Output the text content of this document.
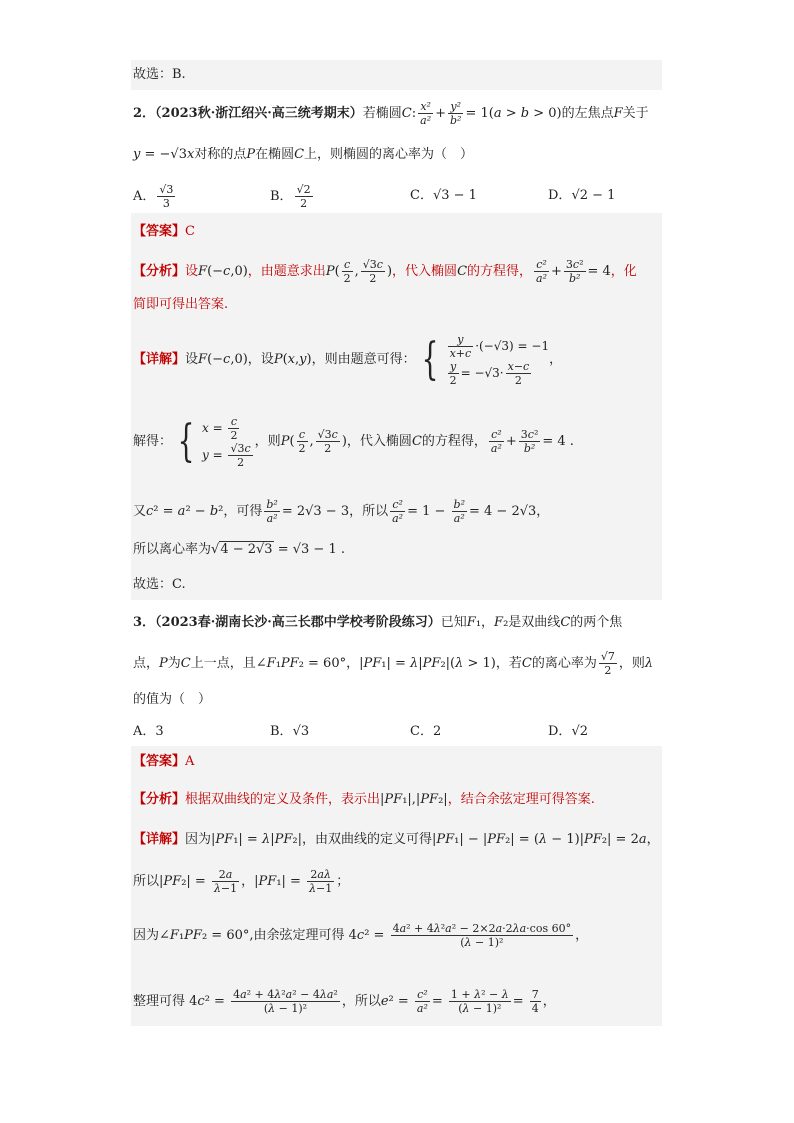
故选：B.
2．（2023秋·浙江绍兴·高三统考期末）若椭圆C: $\frac{\text{x²}}{\text{a²}} + \frac{\text{y²}}{\text{b²}} = 1(a > b > 0)$的左焦点F关于
y = −√3x对称的点P在椭圆C上，则椭圆的离心率为（　）
A． $\frac{√3}{3}$	B． $\frac{√2}{2}$	C．√3 − 1	D．√2 − 1
【答案】C
【分析】设F(−c,0)，由题意求出$P( \frac{c}{2}$ , $\frac{√3c}{2}$ )，代入椭圆C的方程得， $\frac{\text{c²}}{\text{a²}} + \frac{\text{3c²}}{\text{b²}} = 4$，化
简即可得出答案.
【详解】设F(−c,0)，设P(x,y)，则由题意可得： { $\frac{y}{x+c} \cdot(-√3) = -1$
$\frac{y}{2} = -√3\cdot \frac{x-c}{2}$ ，
解得： { $x = \frac{c}{2}$
$y = \frac{√3c}{2}$ ，则$P( \frac{c}{2}$ , $\frac{√3c}{2}$ )，代入椭圆C的方程得， $\frac{\text{c²}}{\text{a²}} + \frac{\text{3c²}}{\text{b²}} = 4$ .
又c² = a² − b²，可得 $\frac{\text{b²}}{\text{a²}} = 2√3 - 3$，所以 $\frac{\text{c²}}{\text{a²}} = 1 - \frac{\text{b²}}{\text{a²}} = 4 - 2√3$，
所以离心率为√4 − 2√3 = √3 − 1 .
故选：C.
3．（2023春·湖南长沙·高三长郡中学校考阶段练习）已知F₁，F₂是双曲线C的两个焦
点，P为C上一点，且∠F₁PF₂ = 60°，|PF₁| = λ|PF₂|(λ > 1)，若C的离心率为 $\frac{√7}{2}$ ，则λ
的值为（　）
A．3	B．√3	C．2	D．√2
【答案】A
【分析】根据双曲线的定义及条件，表示出|PF₁|,|PF₂|，结合余弦定理可得答案.
【详解】因为|PF₁| = λ|PF₂|，由双曲线的定义可得|PF₁| − |PF₂| = (λ − 1)|PF₂| = 2a，
所以$|PF_2| = \frac{2a}{\lambda-1}$ ，$|PF_1| = \frac{2a\lambda}{\lambda-1}$ ；
因为∠F₁PF₂ = 60°,由余弦定理可得 $4c^2 = \frac{\text{4a² + 4λ²a² − 2×2a·2λa·cos 60°}}{\text{(λ − 1)²}}$ ，
整理可得 $4c^2 = \frac{\text{4a² + 4λ²a² − 4λa²}}{\text{(λ − 1)²}}$ ，所以$e^2 = \frac{\text{c²}}{\text{a²}} = \frac{\text{1 + λ² − λ}}{\text{(λ − 1)²}} = \frac{7}{4}$ ，
